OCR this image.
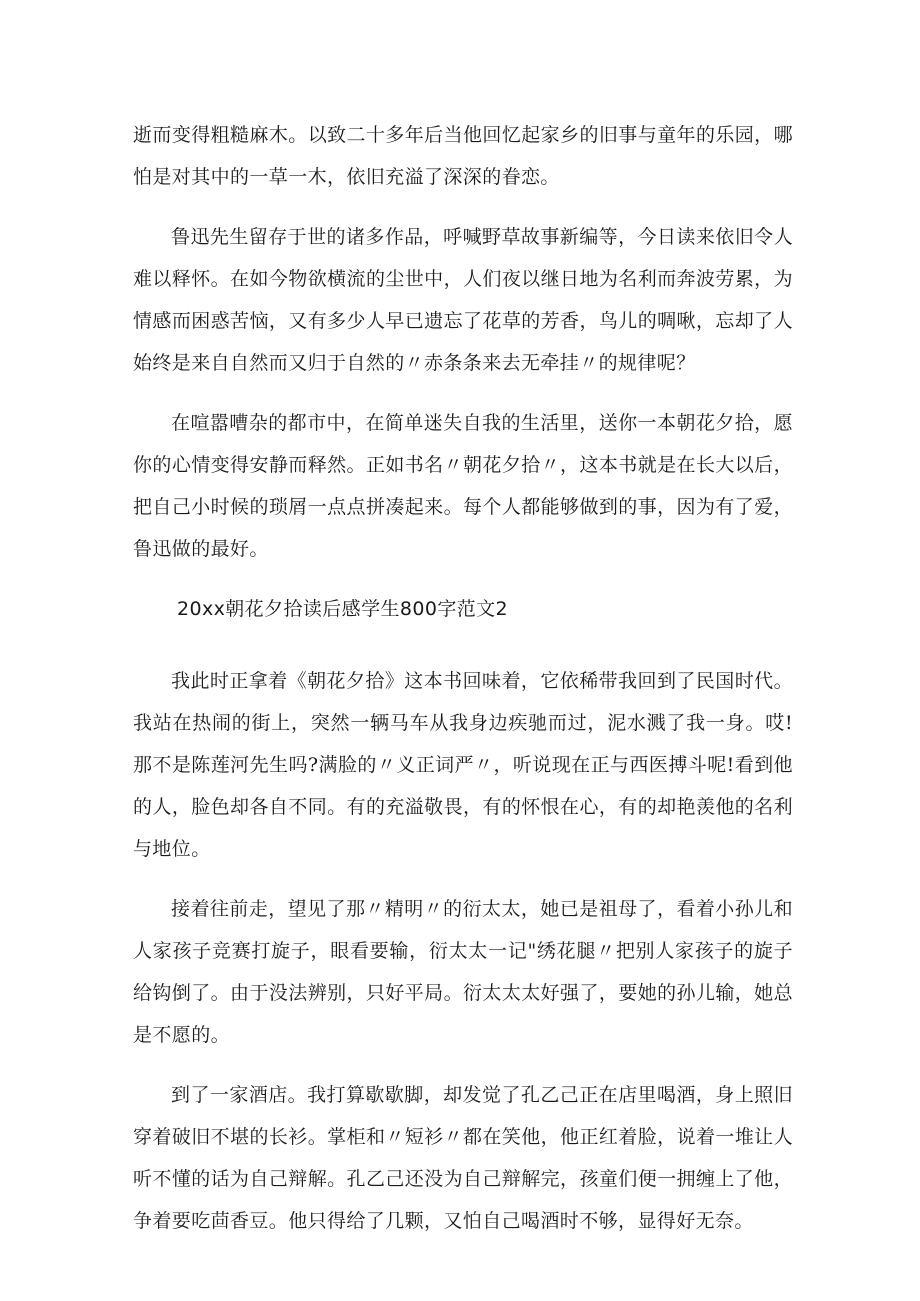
逝而变得粗糙麻木。以致二十多年后当他回忆起家乡的旧事与童年的乐园，哪怕是对其中的一草一木，依旧充溢了深深的眷恋。

鲁迅先生留存于世的诸多作品，呼喊野草故事新编等，今日读来依旧令人难以释怀。在如今物欲横流的尘世中，人们夜以继日地为名利而奔波劳累，为情感而困惑苦恼，又有多少人早已遗忘了花草的芳香，鸟儿的啁啾，忘却了人始终是来自自然而又归于自然的〃赤条条来去无牵挂〃的规律呢？

在喧嚣嘈杂的都市中，在简单迷失自我的生活里，送你一本朝花夕拾，愿你的心情变得安静而释然。正如书名〃朝花夕拾〃，这本书就是在长大以后，把自己小时候的琐屑一点点拼凑起来。每个人都能够做到的事，因为有了爱，鲁迅做的最好。

20xx朝花夕拾读后感学生800字范文2

我此时正拿着《朝花夕拾》这本书回味着，它依稀带我回到了民国时代。我站在热闹的街上，突然一辆马车从我身边疾驰而过，泥水溅了我一身。哎!那不是陈莲河先生吗?满脸的〃义正词严〃，听说现在正与西医搏斗呢!看到他的人，脸色却各自不同。有的充溢敬畏，有的怀恨在心，有的却艳羡他的名利与地位。

接着往前走，望见了那〃精明〃的衍太太，她已是祖母了，看着小孙儿和人家孩子竞赛打旋子，眼看要输，衍太太一记"绣花腿〃把别人家孩子的旋子给钩倒了。由于没法辨别，只好平局。衍太太太好强了，要她的孙儿输，她总是不愿的。

到了一家酒店。我打算歇歇脚，却发觉了孔乙己正在店里喝酒，身上照旧穿着破旧不堪的长衫。掌柜和〃短衫〃都在笑他，他正红着脸，说着一堆让人听不懂的话为自己辩解。孔乙己还没为自己辩解完，孩童们便一拥缠上了他，争着要吃茴香豆。他只得给了几颗，又怕自己喝酒时不够，显得好无奈。
